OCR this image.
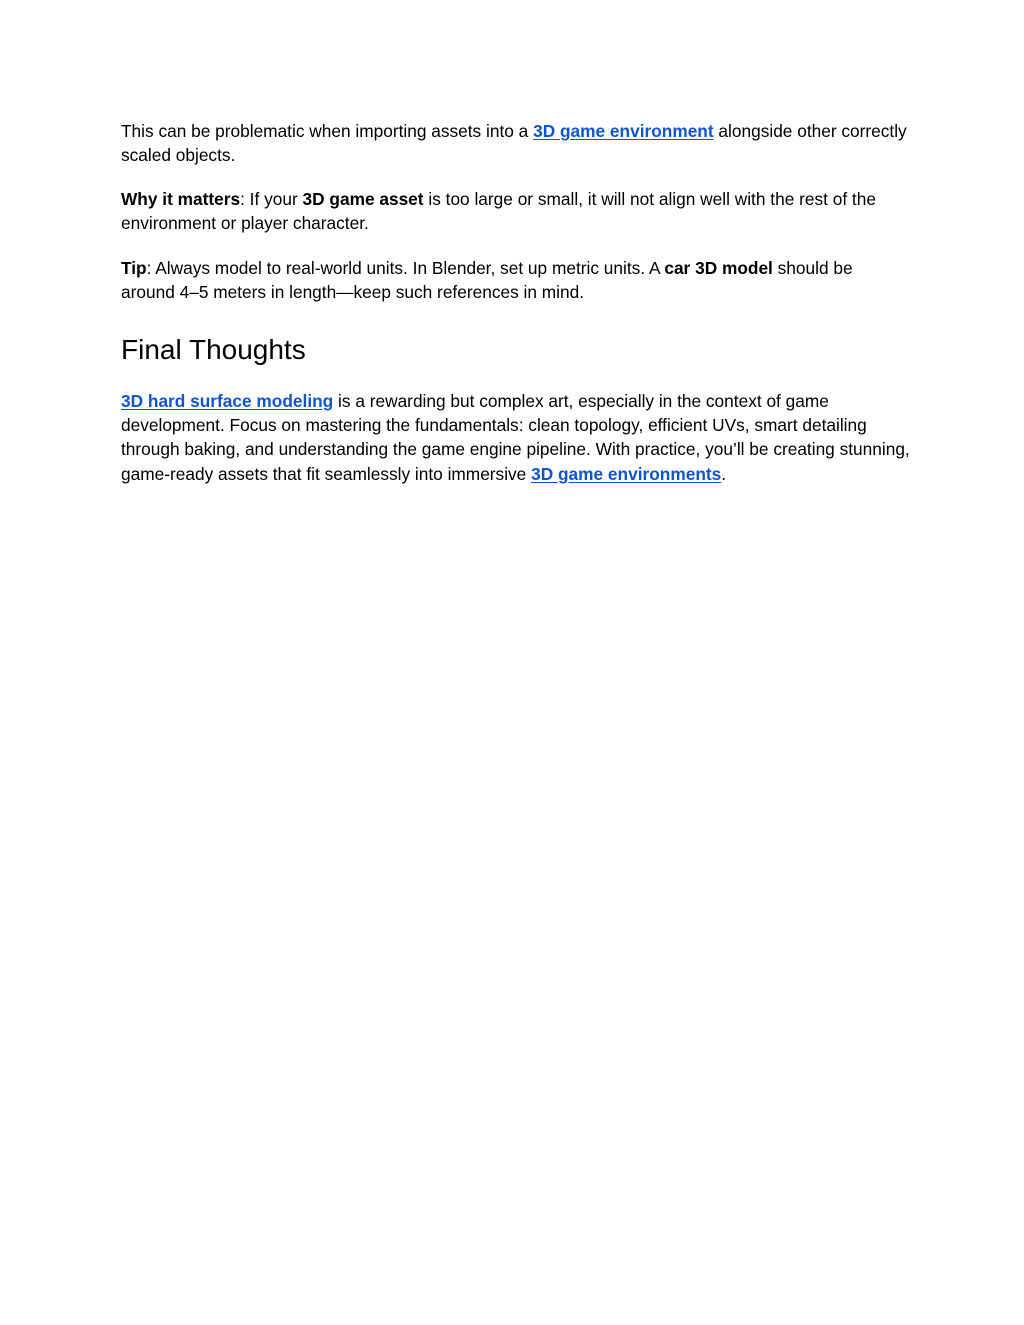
This can be problematic when importing assets into a 3D game environment alongside other correctly scaled objects.

Why it matters: If your 3D game asset is too large or small, it will not align well with the rest of the environment or player character.

Tip: Always model to real-world units. In Blender, set up metric units. A car 3D model should be around 4–5 meters in length—keep such references in mind.

Final Thoughts

3D hard surface modeling is a rewarding but complex art, especially in the context of game development. Focus on mastering the fundamentals: clean topology, efficient UVs, smart detailing through baking, and understanding the game engine pipeline. With practice, you’ll be creating stunning, game-ready assets that fit seamlessly into immersive 3D game environments.
